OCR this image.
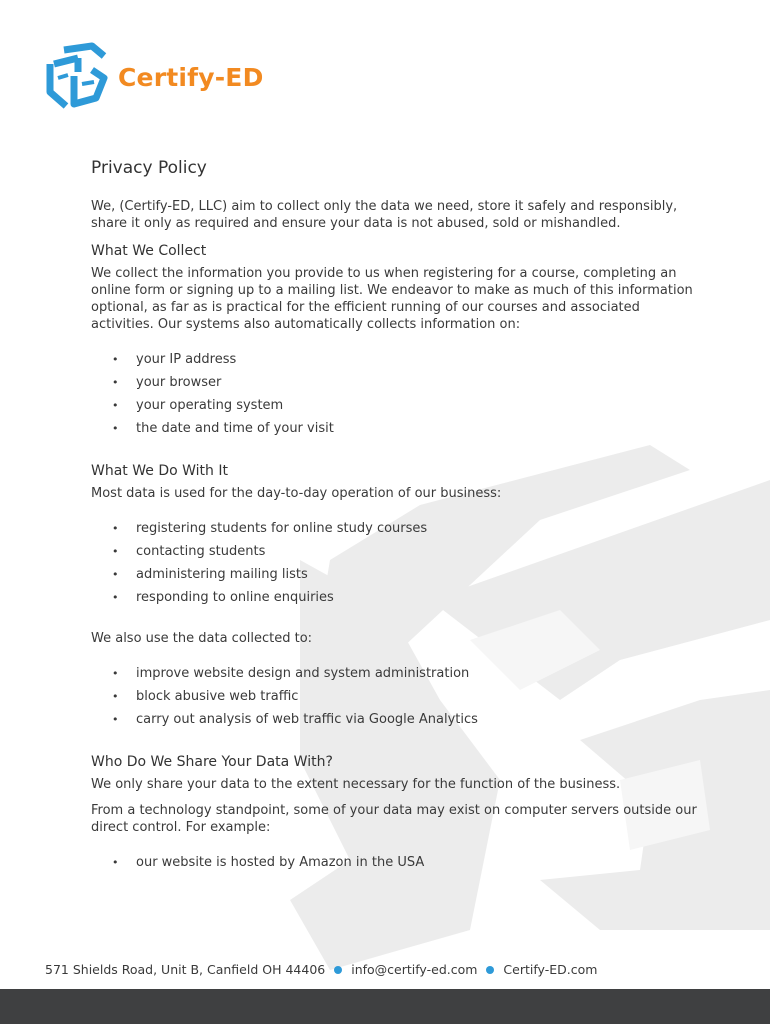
Certify-ED
Privacy Policy

We, (Certify-ED, LLC) aim to collect only the data we need, store it safely and responsibly, share it only as required and ensure your data is not abused, sold or mishandled.

What We Collect

We collect the information you provide to us when registering for a course, completing an online form or signing up to a mailing list. We endeavor to make as much of this information optional, as far as is practical for the efficient running of our courses and associated activities. Our systems also automatically collects information on:

• your IP address
• your browser
• your operating system
• the date and time of your visit
What We Do With It

Most data is used for the day-to-day operation of our business:

• registering students for online study courses
• contacting students
• administering mailing lists
• responding to online enquiries

We also use the data collected to:

• improve website design and system administration
• block abusive web traffic
• carry out analysis of web traffic via Google Analytics
Who Do We Share Your Data With?

We only share your data to the extent necessary for the function of the business.

From a technology standpoint, some of your data may exist on computer servers outside our direct control. For example:

• our website is hosted by Amazon in the USA
571 Shields Road, Unit B, Canfield OH 44406 info@certify-ed.com Certify-ED.com
